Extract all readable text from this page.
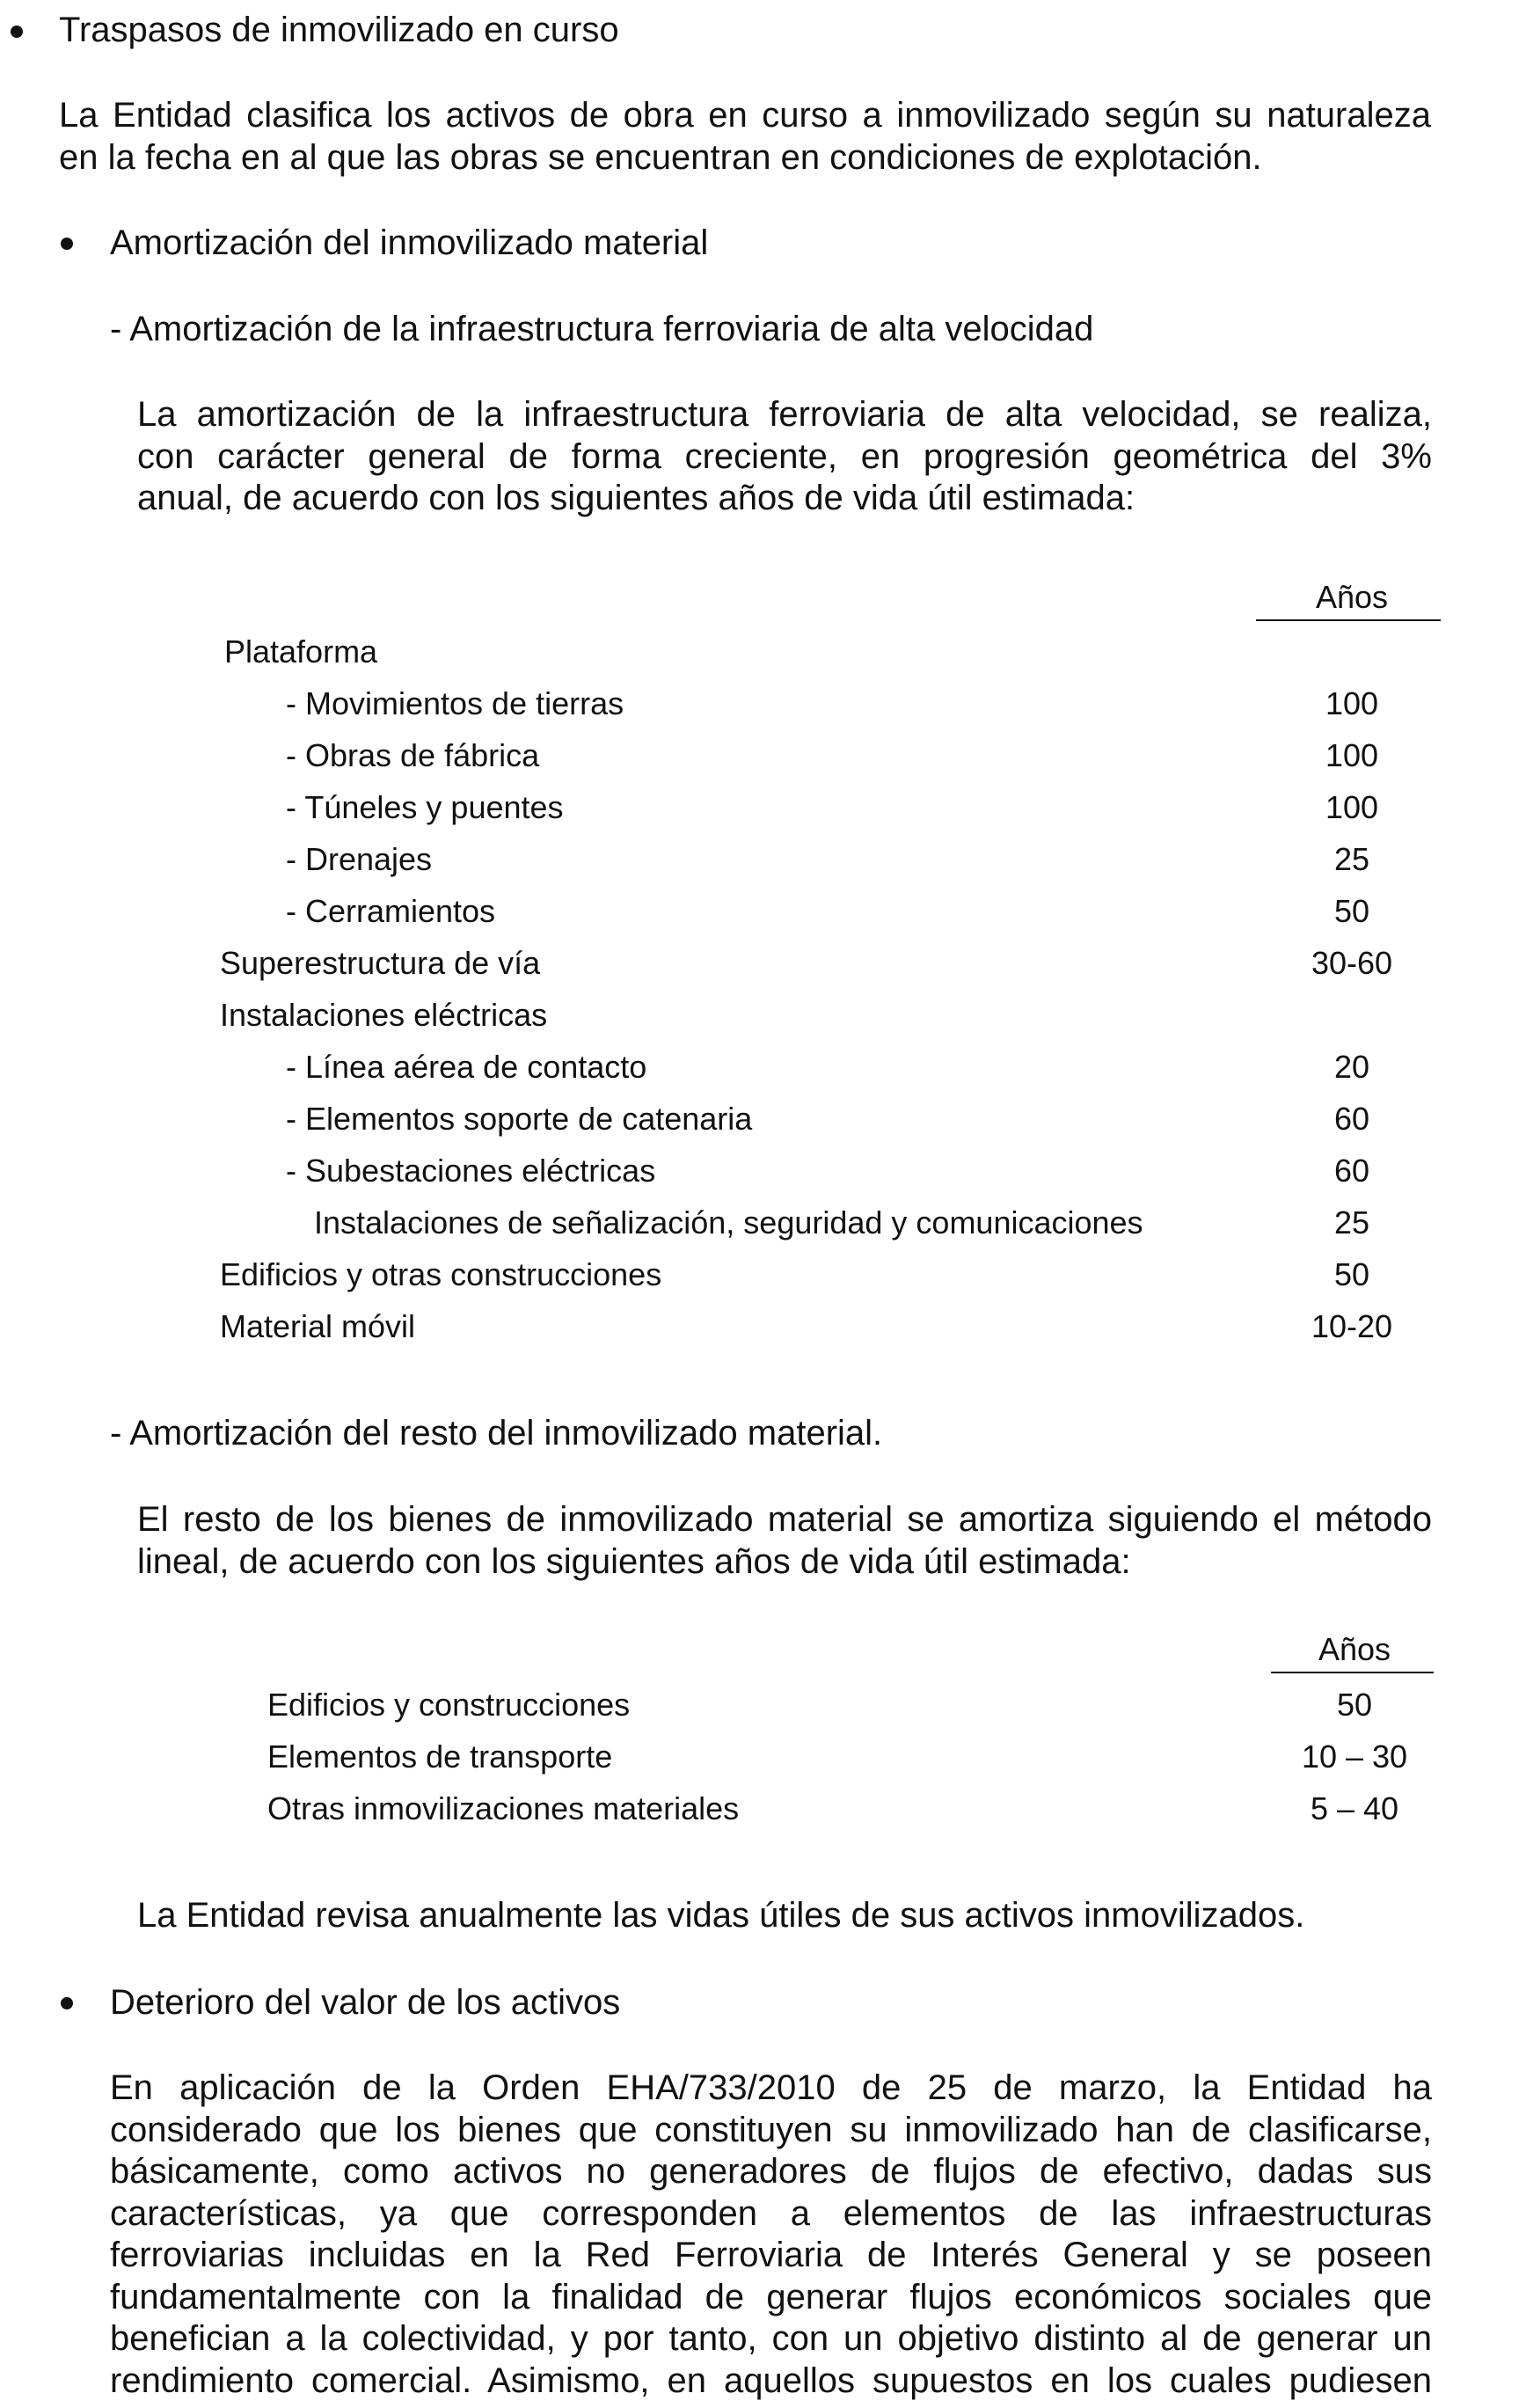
Traspasos de inmovilizado en curso
La Entidad clasifica los activos de obra en curso a inmovilizado según su naturaleza
en la fecha en al que las obras se encuentran en condiciones de explotación.
Amortización del inmovilizado material
- Amortización de la infraestructura ferroviaria de alta velocidad
La amortización de la infraestructura ferroviaria de alta velocidad, se realiza,
con carácter general de forma creciente, en progresión geométrica del 3%
anual, de acuerdo con los siguientes años de vida útil estimada:
Años
Plataforma
- Movimientos de tierras	100
- Obras de fábrica	100
- Túneles y puentes	100
- Drenajes	25
- Cerramientos	50
Superestructura de vía	30-60
Instalaciones eléctricas
- Línea aérea de contacto	20
- Elementos soporte de catenaria	60
- Subestaciones eléctricas	60
Instalaciones de señalización, seguridad y comunicaciones	25
Edificios y otras construcciones	50
Material móvil	10-20
- Amortización del resto del inmovilizado material.
El resto de los bienes de inmovilizado material se amortiza siguiendo el método
lineal, de acuerdo con los siguientes años de vida útil estimada:
Años
Edificios y construcciones	50
Elementos de transporte	10 – 30
Otras inmovilizaciones materiales	5 – 40
La Entidad revisa anualmente las vidas útiles de sus activos inmovilizados.
Deterioro del valor de los activos
En aplicación de la Orden EHA/733/2010 de 25 de marzo, la Entidad ha
considerado que los bienes que constituyen su inmovilizado han de clasificarse,
básicamente, como activos no generadores de flujos de efectivo, dadas sus
características, ya que corresponden a elementos de las infraestructuras
ferroviarias incluidas en la Red Ferroviaria de Interés General y se poseen
fundamentalmente con la finalidad de generar flujos económicos sociales que
benefician a la colectividad, y por tanto, con un objetivo distinto al de generar un
rendimiento comercial. Asimismo, en aquellos supuestos en los cuales pudiesen
